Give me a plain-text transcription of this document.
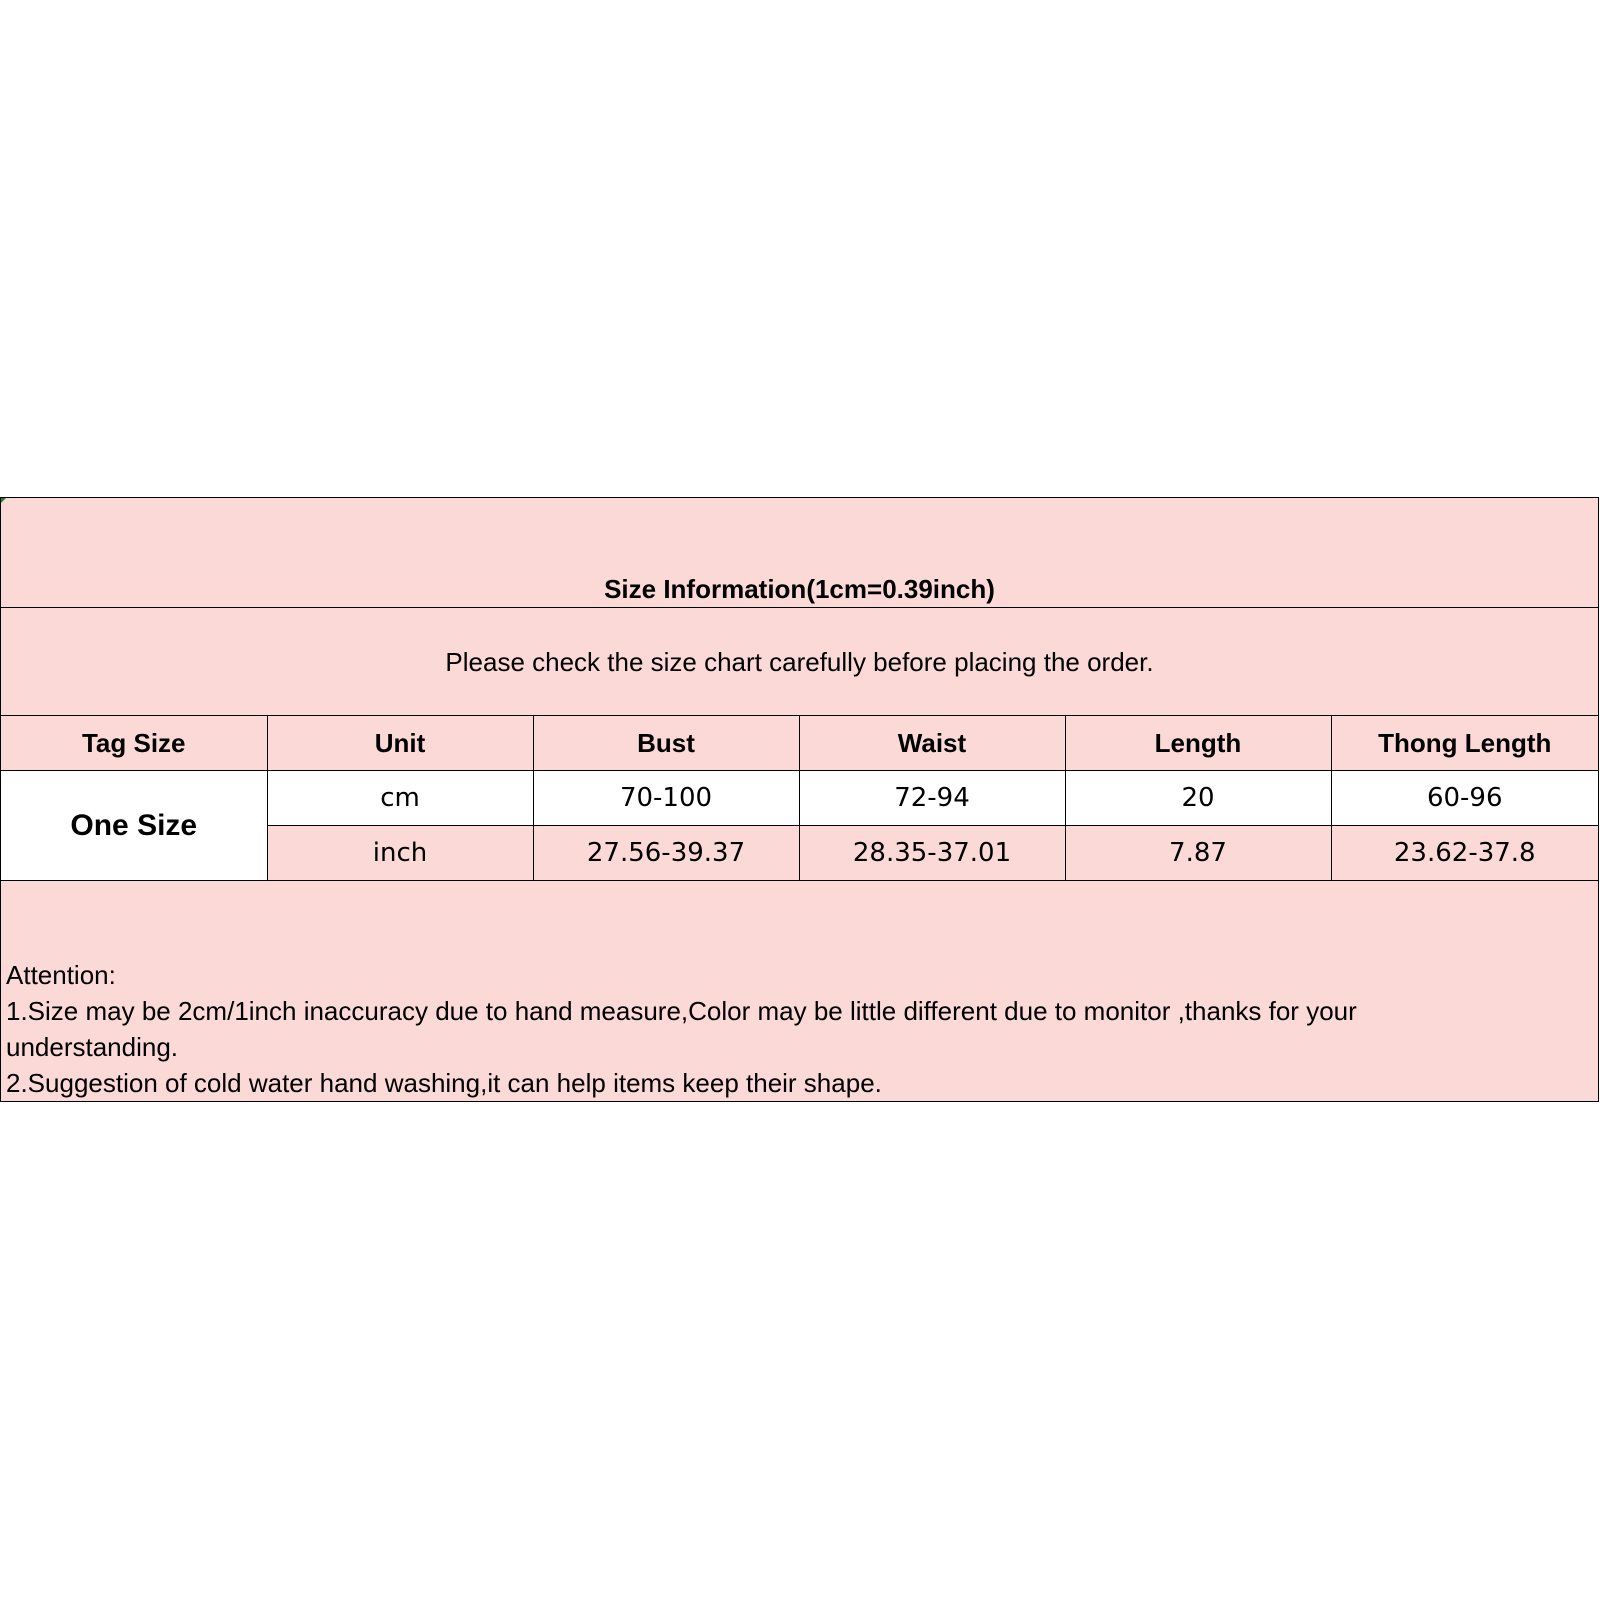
Size Information(1cm=0.39inch)
Please check the size chart carefully before placing the order.
Tag Size	Unit	Bust	Waist	Length	Thong Length
One Size	cm	70-100	72-94	20	60-96
	inch	27.56-39.37	28.35-37.01	7.87	23.62-37.8
Attention:
1.Size may be 2cm/1inch inaccuracy due to hand measure,Color may be little different due to monitor ,thanks for your
understanding.
2.Suggestion of cold water hand washing,it can help items keep their shape.
